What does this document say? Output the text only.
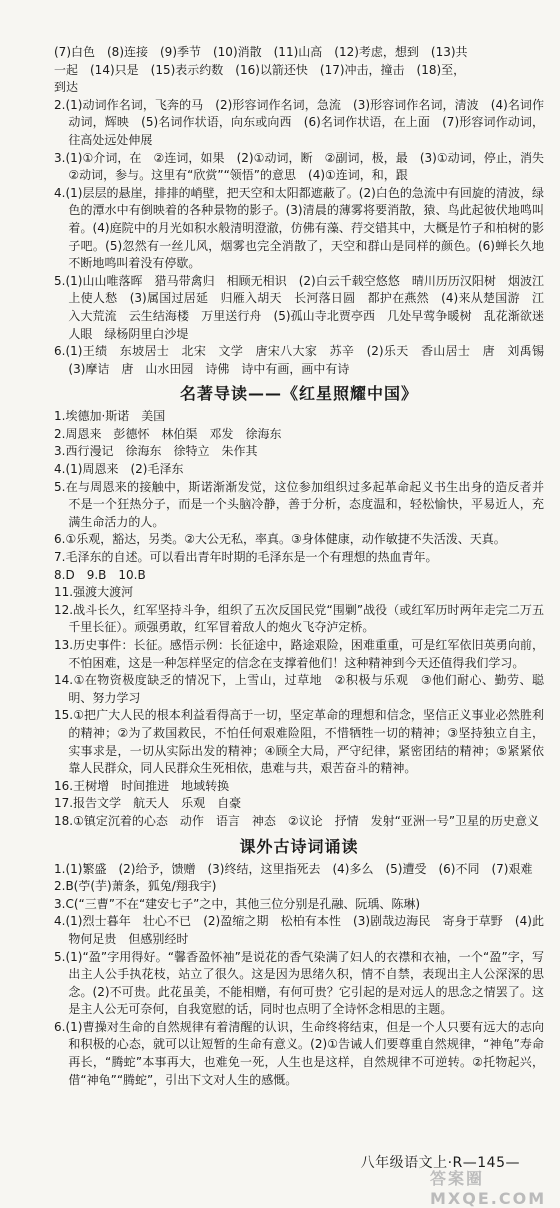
(7)白色　(8)连接　(9)季节　(10)消散　(11)山高　(12)考虑，想到　(13)共

一起　(14)只是　(15)表示约数　(16)以箭还快　(17)冲击，撞击　(18)至，

到达

2.(1)动词作名词，飞奔的马　(2)形容词作名词，急流　(3)形容词作名词，清波　(4)名词作动词，辉映　(5)名词作状语，向东或向西　(6)名词作状语，在上面　(7)形容词作动词，往高处远处伸展

3.(1)①介词，在　②连词，如果　(2)①动词，断　②副词，极，最　(3)①动词，停止，消失　②动词，参与。这里有“欣赏”“领悟”的意思　(4)①连词，和，跟

4.(1)层层的悬崖，排排的峭壁，把天空和太阳都遮蔽了。(2)白色的急流中有回旋的清波，绿色的潭水中有倒映着的各种景物的影子。(3)清晨的薄雾将要消散，猿、鸟此起彼伏地鸣叫着。(4)庭院中的月光如积水般清明澄澈，仿佛有藻、荇交错其中，大概是竹子和柏树的影子吧。(5)忽然有一丝儿风，烟雾也完全消散了，天空和群山是同样的颜色。(6)蝉长久地不断地鸣叫着没有停歇。

5.(1)山山唯落晖　猎马带禽归　相顾无相识　(2)白云千载空悠悠　晴川历历汉阳树　烟波江上使人愁　(3)属国过居延　归雁入胡天　长河落日圆　都护在燕然　(4)来从楚国游　江入大荒流　云生结海楼　万里送行舟　(5)孤山寺北贾亭西　几处早莺争暖树　乱花渐欲迷人眼　绿杨阴里白沙堤

6.(1)王绩　东坡居士　北宋　文学　唐宋八大家　苏辛　(2)乐天　香山居士　唐　刘禹锡　(3)摩诘　唐　山水田园　诗佛　诗中有画，画中有诗

名著导读——《红星照耀中国》

1.埃德加·斯诺　美国

2.周恩来　彭德怀　林伯渠　邓发　徐海东

3.西行漫记　徐海东　徐特立　朱作其

4.(1)周恩来　(2)毛泽东

5.在与周恩来的接触中，斯诺渐渐发觉，这位参加组织过多起革命起义书生出身的造反者并不是一个狂热分子，而是一个头脑冷静，善于分析，态度温和，轻松愉快，平易近人，充满生命活力的人。

6.①乐观，豁达，另类。②大公无私，率真。③身体健康，动作敏捷不失活泼、天真。

7.毛泽东的自述。可以看出青年时期的毛泽东是一个有理想的热血青年。

8.D　9.B　10.B

11.强渡大渡河

12.战斗长久，红军坚持斗争，组织了五次反国民党“围剿”战役（或红军历时两年走完二万五千里长征）。顽强勇敢，红军冒着敌人的炮火飞夺泸定桥。

13.历史事件：长征。感悟示例：长征途中，路途艰险，困难重重，可是红军依旧英勇向前，不怕困难，这是一种怎样坚定的信念在支撑着他们！这种精神到今天还值得我们学习。

14.①在物资极度缺乏的情况下，上雪山，过草地　②积极与乐观　③他们耐心、勤劳、聪明、努力学习

15.①把广大人民的根本利益看得高于一切，坚定革命的理想和信念，坚信正义事业必然胜利的精神；②为了救国救民，不怕任何艰难险阻，不惜牺牲一切的精神；③坚持独立自主，实事求是，一切从实际出发的精神；④顾全大局，严守纪律，紧密团结的精神；⑤紧紧依靠人民群众，同人民群众生死相依，患难与共，艰苦奋斗的精神。

16.王树增　时间推进　地域转换

17.报告文学　航天人　乐观　自豪

18.①镇定沉着的心态　动作　语言　神态　②议论　抒情　发射“亚洲一号”卫星的历史意义

课外古诗词诵读

1.(1)繁盛　(2)给予，馈赠　(3)终结，这里指死去　(4)多么　(5)遭受　(6)不同　(7)艰难

2.B(苧(芋)萧条，狐兔/翔我宇)

3.C(“三曹”不在“建安七子”之中，其他三位分别是孔融、阮瑀、陈琳)

4.(1)烈士暮年　壮心不已　(2)盈缩之期　松柏有本性　(3)剧哉边海民　寄身于草野　(4)此物何足贵　但感别经时

5.(1)“盈”字用得好。“馨香盈怀袖”是说花的香气染满了妇人的衣襟和衣袖，一个“盈”字，写出主人公手执花枝，站立了很久。这是因为思绪久积，情不自禁，表现出主人公深深的思念。(2)不可贵。此花虽美，不能相赠，有何可贵？它引起的是对远人的思念之情罢了。这是主人公无可奈何，自我宽慰的话，同时也点明了全诗怀念相思的主题。

6.(1)曹操对生命的自然规律有着清醒的认识，生命终将结束，但是一个人只要有远大的志向和积极的心态，就可以让短暂的生命有意义。(2)①告诫人们要尊重自然规律，“神龟”寿命再长，“腾蛇”本事再大，也难免一死，人生也是这样，自然规律不可逆转。②托物起兴，借“神龟”“腾蛇”，引出下文对人生的感慨。

八年级语文上·R—145—
答案圈 MXQE.COM
